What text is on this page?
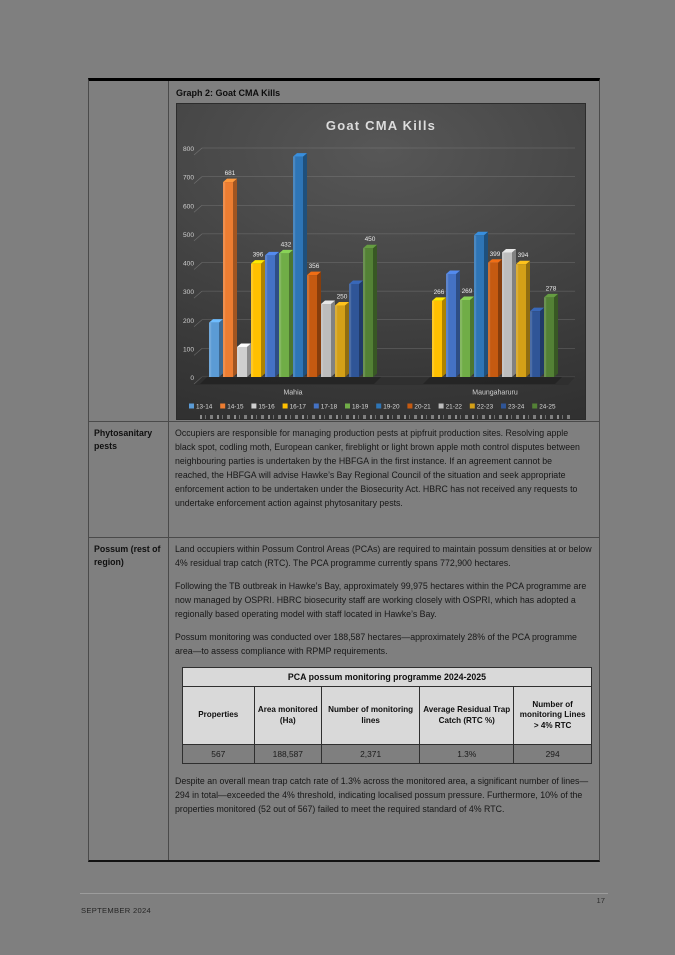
Graph 2: Goat CMA Kills
Goat CMA Kills
0
100
200
300
400
500
600
700
800
681
396
432
356
250
450
Mahia
266	269
399	394
278
Maungaharuru
13-14 14-15 15-16 16-17 17-18 18-19 19-20 20-21 21-22 22-23 23-24 24-25
Phytosanitary pests

Occupiers are responsible for managing production pests at pipfruit production sites. Resolving apple black spot, codling moth, European canker, fireblight or light brown apple moth control disputes between neighbouring parties is undertaken by the HBFGA in the first instance. If an agreement cannot be reached, the HBFGA will advise Hawke’s Bay Regional Council of the situation and seek appropriate enforcement action to be undertaken under the Biosecurity Act. HBRC has not received any requests to undertake enforcement action against phytosanitary pests.

Possum (rest of region)

Land occupiers within Possum Control Areas (PCAs) are required to maintain possum densities at or below 4% residual trap catch (RTC). The PCA programme currently spans 772,900 hectares.

Following the TB outbreak in Hawke’s Bay, approximately 99,975 hectares within the PCA programme are now managed by OSPRI. HBRC biosecurity staff are working closely with OSPRI, which has adopted a regionally based operating model with staff located in Hawke’s Bay.

Possum monitoring was conducted over 188,587 hectares—approximately 28% of the PCA programme area—to assess compliance with RPMP requirements.

PCA possum monitoring programme 2024-2025				
Properties	Area monitored (Ha)	Number of monitoring lines	Average Residual Trap Catch (RTC %)	Number of monitoring Lines > 4% RTC
567	188,587	2,371	1.3%	294

Despite an overall mean trap catch rate of 1.3% across the monitored area, a significant number of lines—294 in total—exceeded the 4% threshold, indicating localised possum pressure. Furthermore, 10% of the properties monitored (52 out of 567) failed to meet the required standard of 4% RTC.

17
SEPTEMBER 2024
